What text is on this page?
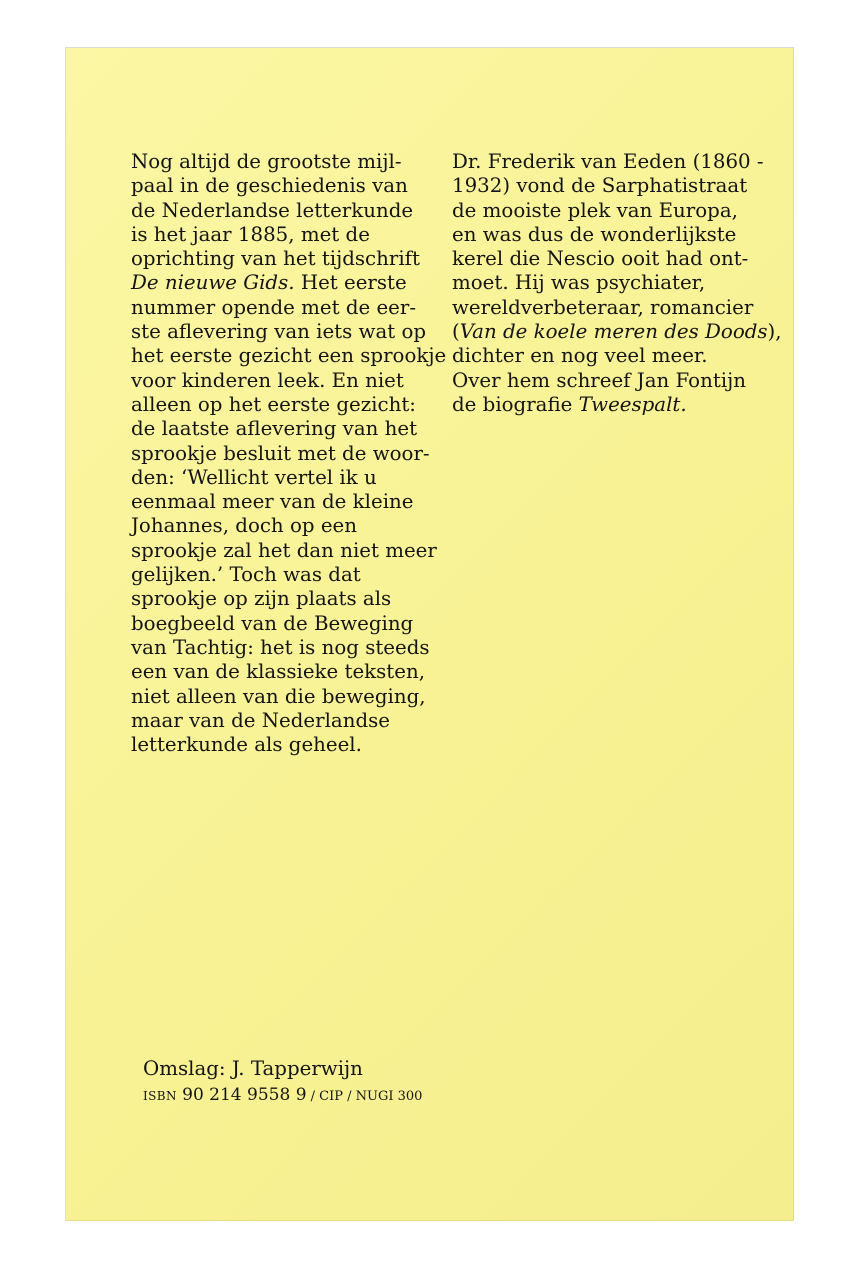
Nog altijd de grootste mijl-
paal in de geschiedenis van
de Nederlandse letterkunde
is het jaar 1885, met de
oprichting van het tijdschrift
De nieuwe Gids. Het eerste
nummer opende met de eer-
ste aflevering van iets wat op
het eerste gezicht een sprookje
voor kinderen leek. En niet
alleen op het eerste gezicht:
de laatste aflevering van het
sprookje besluit met de woor-
den: ‘Wellicht vertel ik u
eenmaal meer van de kleine
Johannes, doch op een
sprookje zal het dan niet meer
gelijken.’ Toch was dat
sprookje op zijn plaats als
boegbeeld van de Beweging
van Tachtig: het is nog steeds
een van de klassieke teksten,
niet alleen van die beweging,
maar van de Nederlandse
letterkunde als geheel.
Dr. Frederik van Eeden (1860 -
1932) vond de Sarphatistraat
de mooiste plek van Europa,
en was dus de wonderlijkste
kerel die Nescio ooit had ont-
moet. Hij was psychiater,
wereldverbeteraar, romancier
(Van de koele meren des Doods),
dichter en nog veel meer.
Over hem schreef Jan Fontijn
de biografie Tweespalt.
Omslag: J. Tapperwijn
ISBN 90 214 9558 9 / CIP / NUGI 300
